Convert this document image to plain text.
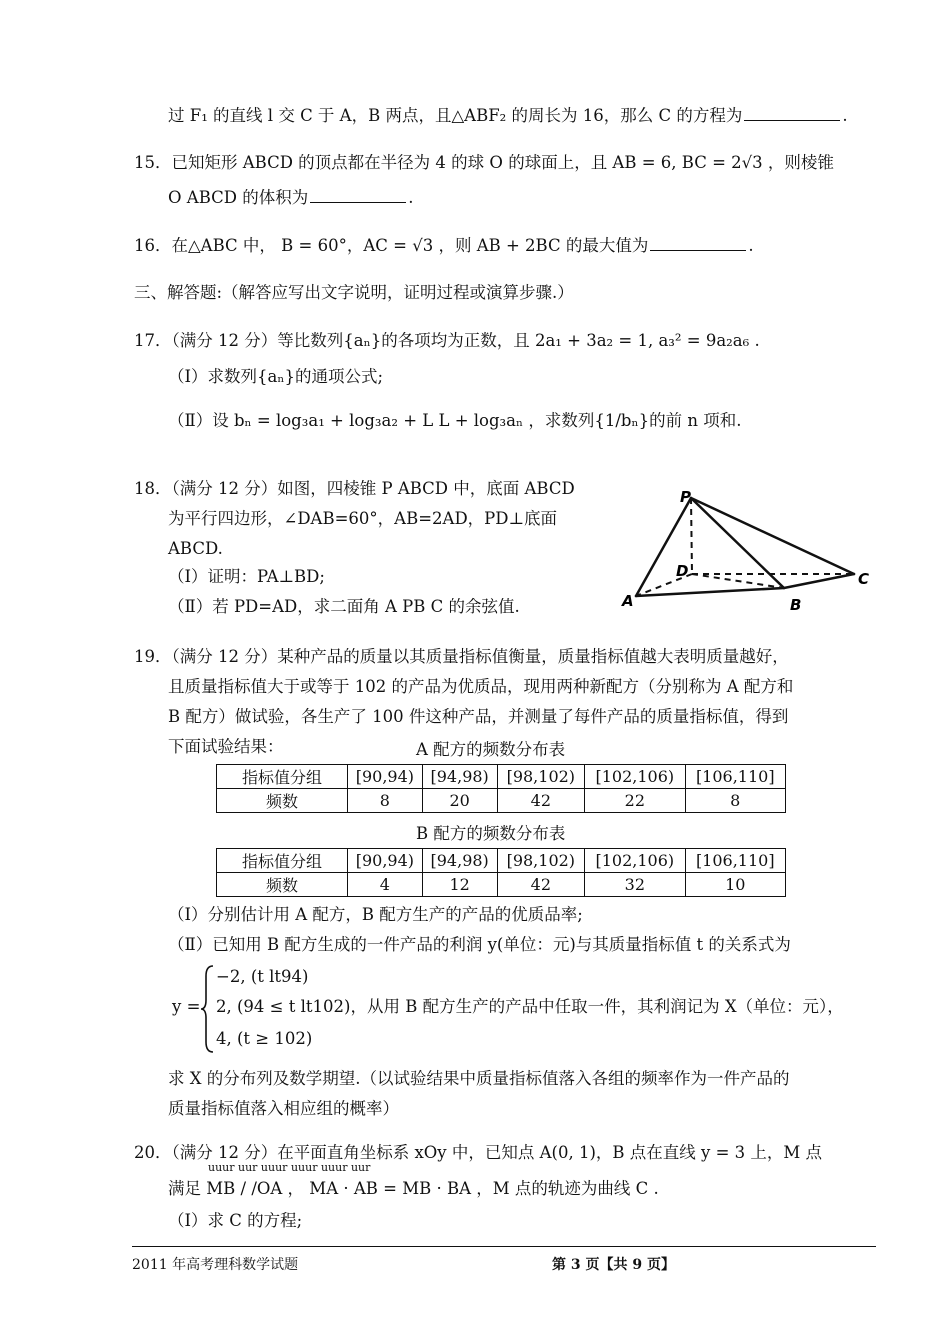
过 F₁ 的直线 l 交 C 于 A，B 两点，且△ABF₂ 的周长为 16，那么 C 的方程为	.
15．已知矩形 ABCD 的顶点都在半径为 4 的球 O 的球面上，且 AB = 6, BC = 2√3 ，则棱锥
O ABCD 的体积为	.
16．在△ABC 中， B = 60°，AC = √3 ，则 AB + 2BC 的最大值为	.
三、解答题:（解答应写出文字说明，证明过程或演算步骤.）
17．（满分 12 分）等比数列{aₙ}的各项均为正数，且 2a₁ + 3a₂ = 1, a₃² = 9a₂a₆ .
（Ⅰ）求数列{aₙ}的通项公式;
（Ⅱ）设 bₙ = log₃a₁ + log₃a₂ + L L + log₃aₙ ，求数列{1/bₙ}的前 n 项和.
18．（满分 12 分）如图，四棱锥 P ABCD 中，底面 ABCD
为平行四边形，∠DAB=60°，AB=2AD，PD⊥底面
ABCD.
（Ⅰ）证明：PA⊥BD;
（Ⅱ）若 PD=AD，求二面角 A PB C 的余弦值.
P
D
A	B
C
19．（满分 12 分）某种产品的质量以其质量指标值衡量，质量指标值越大表明质量越好，
且质量指标值大于或等于 102 的产品为优质品，现用两种新配方（分别称为 A 配方和
B 配方）做试验，各生产了 100 件这种产品，并测量了每件产品的质量指标值，得到
下面试验结果：	A 配方的频数分布表
指标值分组	[90,94)	[94,98)	[98,102)	[102,106)	[106,110]
频数	8	20	42	22	8
B 配方的频数分布表
指标值分组	[90,94)	[94,98)	[98,102)	[102,106)	[106,110]
频数	4	12	42	32	10
（Ⅰ）分别估计用 A 配方，B 配方生产的产品的优质品率;
（Ⅱ）已知用 B 配方生成的一件产品的利润 y(单位：元)与其质量指标值 t 的关系式为
y =
−2, (t lt94)
2, (94 ≤ t lt102)，从用 B 配方生产的产品中任取一件，其利润记为 X（单位：元），
4, (t ≥ 102)
求 X 的分布列及数学期望.（以试验结果中质量指标值落入各组的频率作为一件产品的
质量指标值落入相应组的概率）
20．（满分 12 分）在平面直角坐标系 xOy 中，已知点 A(0, 1)，B 点在直线 y = 3 上，M 点
uuur uur uuur uuur uuur uur
满足 MB / /OA ， MA · AB = MB · BA ，M 点的轨迹为曲线 C .
（Ⅰ）求 C 的方程;
2011 年高考理科数学试题	第 3 页【共 9 页】
